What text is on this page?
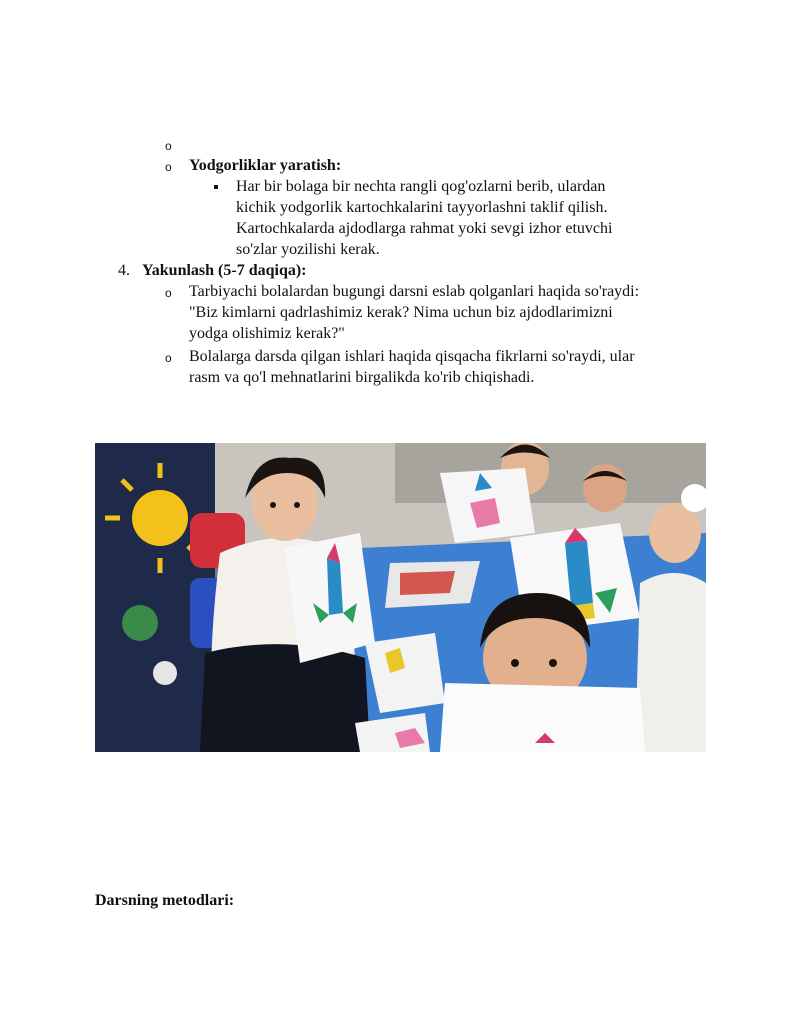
o
o Yodgorliklar yaratish:
Har bir bolaga bir nechta rangli qog'ozlarni berib, ulardan
kichik yodgorlik kartochkalarini tayyorlashni taklif qilish.
Kartochkalarda ajdodlarga rahmat yoki sevgi izhor etuvchi
so'zlar yozilishi kerak.
4. Yakunlash (5-7 daqiqa):
o Tarbiyachi bolalardan bugungi darsni eslab qolganlari haqida so'raydi:
"Biz kimlarni qadrlashimiz kerak? Nima uchun biz ajdodlarimizni
yodga olishimiz kerak?"
o Bolalarga darsda qilgan ishlari haqida qisqacha fikrlarni so'raydi, ular
rasm va qo'l mehnatlarini birgalikda ko'rib chiqishadi.
Darsning metodlari:
